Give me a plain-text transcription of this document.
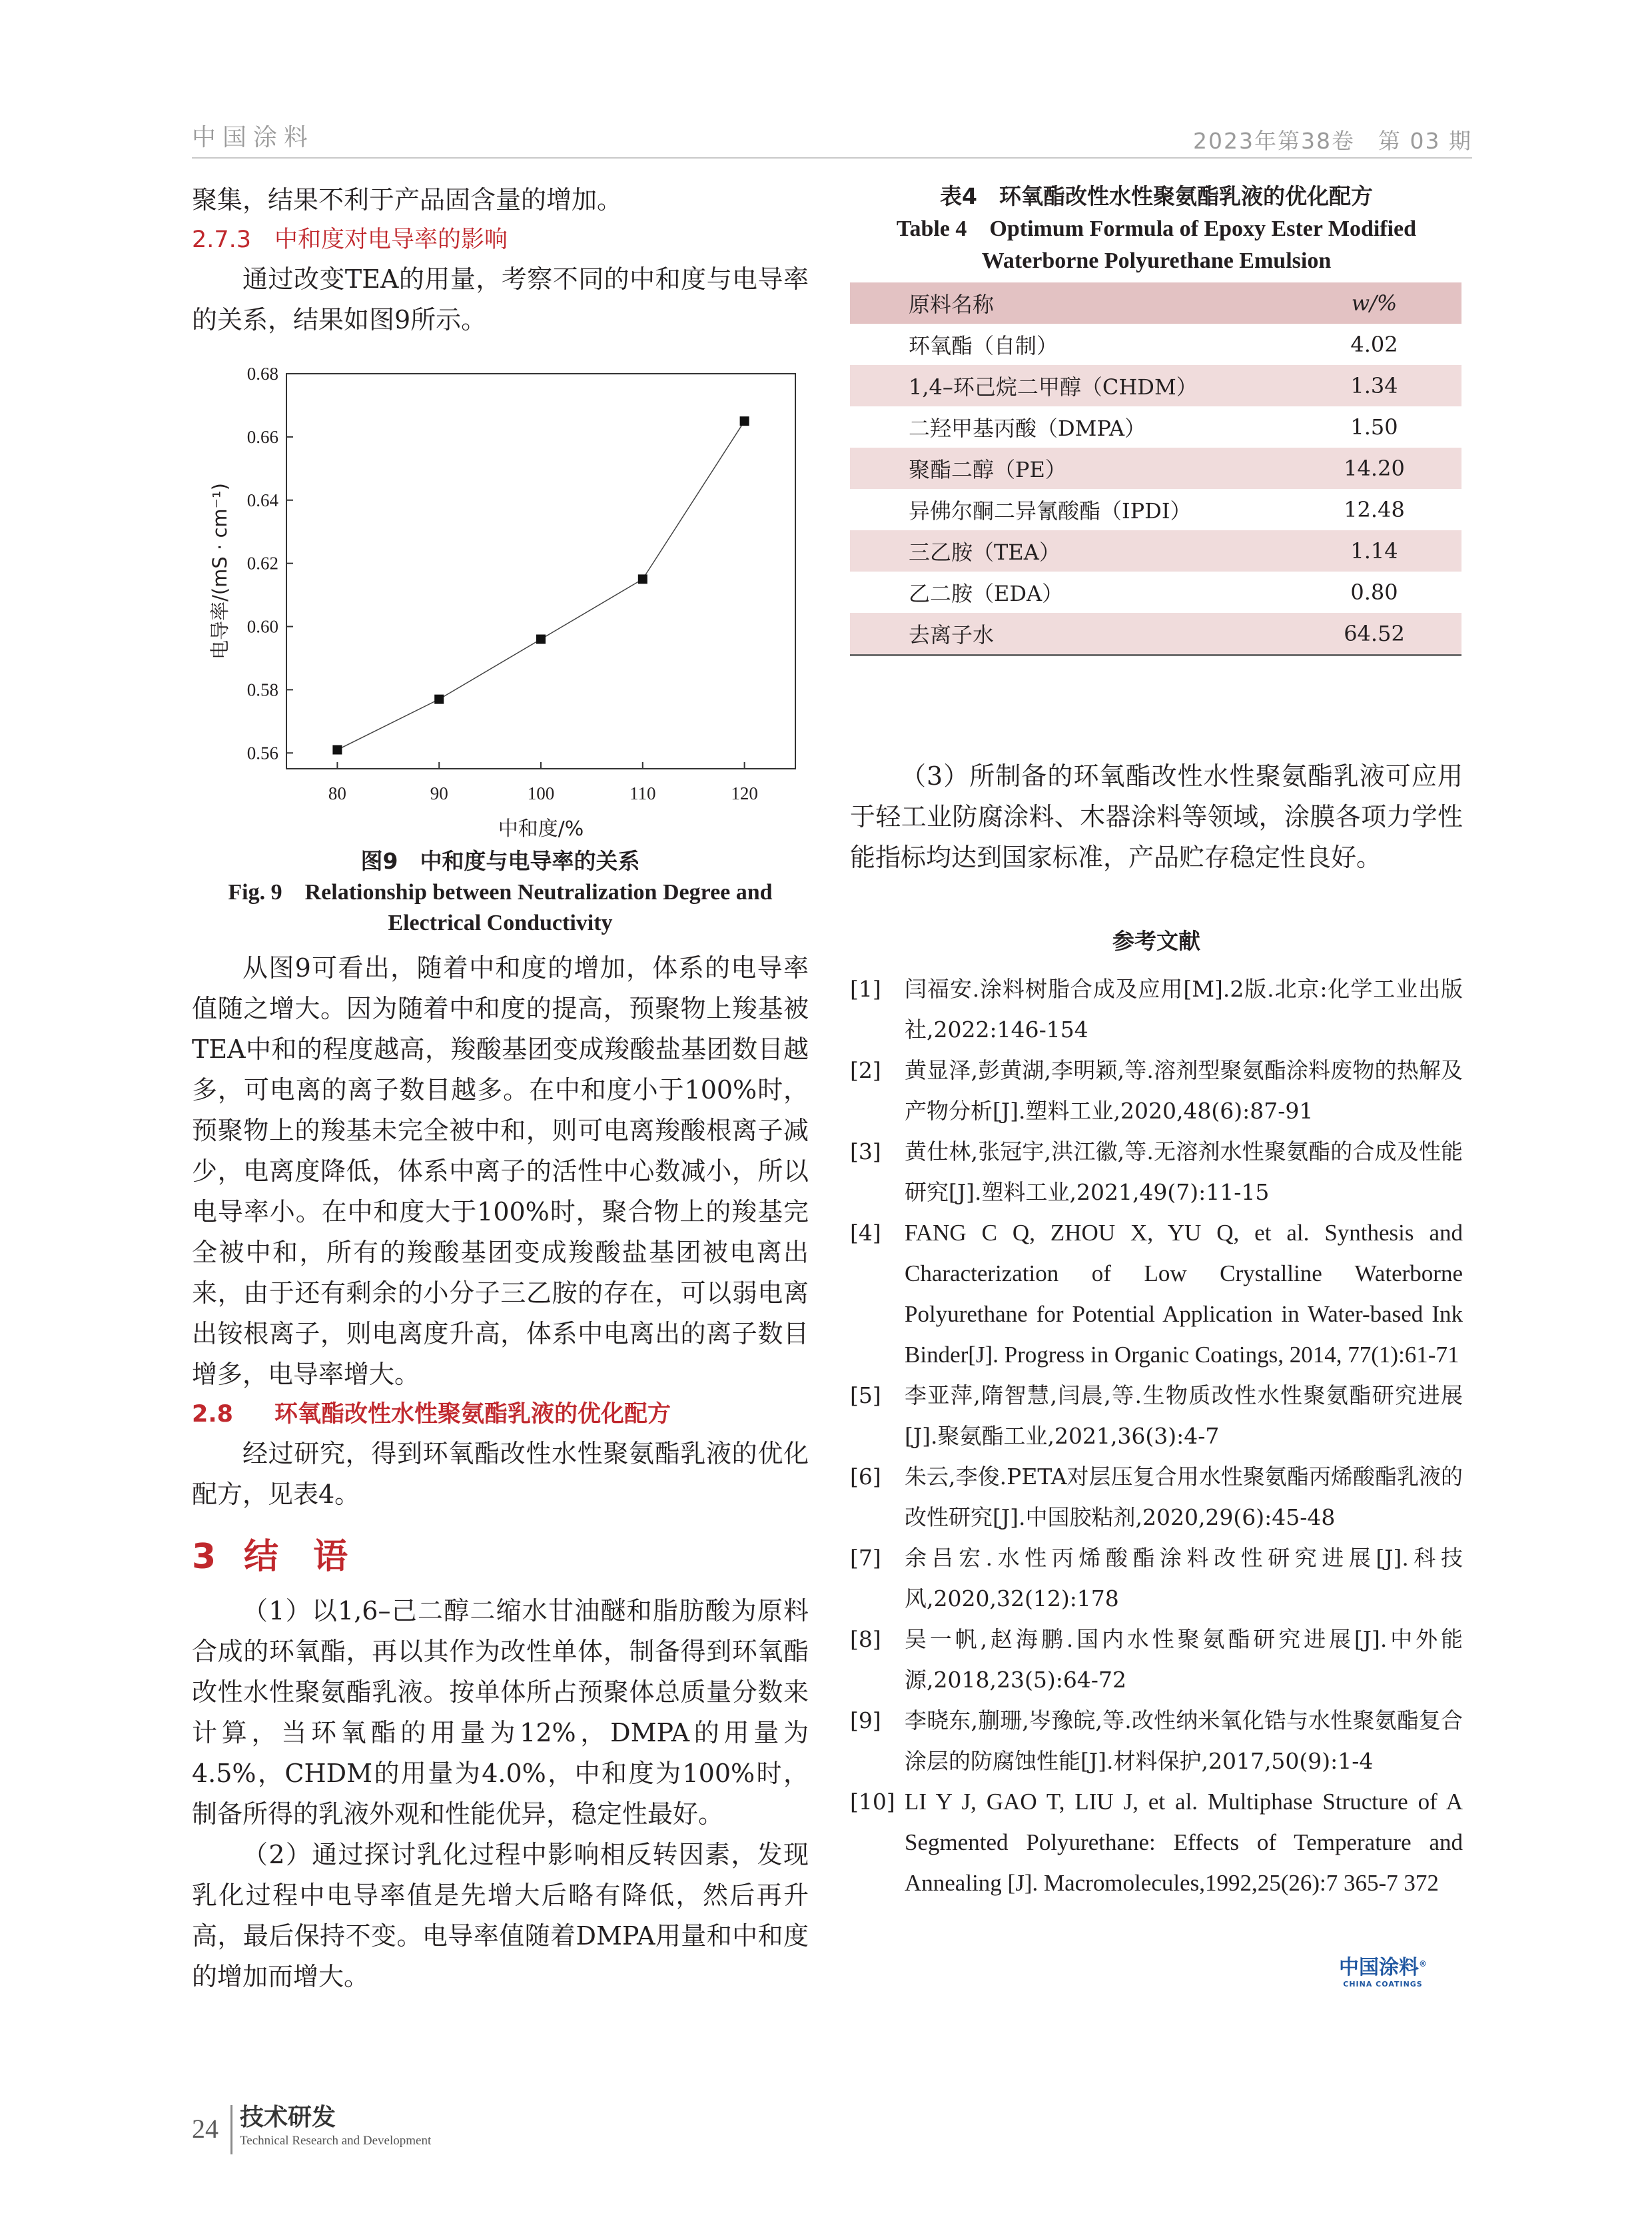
中国涂料	2023年第38卷　第 03 期

聚集，结果不利于产品固含量的增加。

2.7.3 中和度对电导率的影响

通过改变TEA的用量，考察不同的中和度与电导率的关系，结果如图9所示。

80	90	100	110	120
0.56
0.58
0.60
0.62
0.64
0.66
0.68
中和度/%
电导率/(mS · cm⁻¹)
图9　中和度与电导率的关系
Fig. 9　Relationship between Neutralization Degree and Electrical Conductivity

从图9可看出，随着中和度的增加，体系的电导率值随之增大。因为随着中和度的提高，预聚物上羧基被TEA中和的程度越高，羧酸基团变成羧酸盐基团数目越多，可电离的离子数目越多。在中和度小于100%时，预聚物上的羧基未完全被中和，则可电离羧酸根离子减少，电离度降低，体系中离子的活性中心数减小，所以电导率小。在中和度大于100%时，聚合物上的羧基完全被中和，所有的羧酸基团变成羧酸盐基团被电离出来，由于还有剩余的小分子三乙胺的存在，可以弱电离出铵根离子，则电离度升高，体系中电离出的离子数目增多，电导率增大。

2.8 环氧酯改性水性聚氨酯乳液的优化配方

经过研究，得到环氧酯改性水性聚氨酯乳液的优化配方，见表4。

3 结　语

（1）以1,6–己二醇二缩水甘油醚和脂肪酸为原料合成的环氧酯，再以其作为改性单体，制备得到环氧酯改性水性聚氨酯乳液。按单体所占预聚体总质量分数来计算，当环氧酯的用量为12%，DMPA的用量为4.5%，CHDM的用量为4.0%，中和度为100%时，制备所得的乳液外观和性能优异，稳定性最好。

（2）通过探讨乳化过程中影响相反转因素，发现乳化过程中电导率值是先增大后略有降低，然后再升高，最后保持不变。电导率值随着DMPA用量和中和度的增加而增大。

表4　环氧酯改性水性聚氨酯乳液的优化配方
Table 4　Optimum Formula of Epoxy Ester Modified
Waterborne Polyurethane Emulsion
原料名称	w/%
环氧酯（自制）	4.02
1,4–环己烷二甲醇（CHDM）	1.34
二羟甲基丙酸（DMPA）	1.50
聚酯二醇（PE）	14.20
异佛尔酮二异氰酸酯（IPDI）	12.48
三乙胺（TEA）	1.14
乙二胺（EDA）	0.80
去离子水	64.52

（3）所制备的环氧酯改性水性聚氨酯乳液可应用于轻工业防腐涂料、木器涂料等领域，涂膜各项力学性能指标均达到国家标准，产品贮存稳定性良好。

参考文献

[1] 闫福安.涂料树脂合成及应用[M].2版.北京:化学工业出版社,2022:146-154

[2] 黄显泽,彭黄湖,李明颖,等.溶剂型聚氨酯涂料废物的热解及产物分析[J].塑料工业,2020,48(6):87-91

[3] 黄仕林,张冠宇,洪江徽,等.无溶剂水性聚氨酯的合成及性能研究[J].塑料工业,2021,49(7):11-15

[4] FANG C Q, ZHOU X, YU Q, et al. Synthesis and Characterization of Low Crystalline Waterborne Polyurethane for Potential Application in Water-based Ink Binder[J]. Progress in Organic Coatings, 2014, 77(1):61-71

[5] 李亚萍,隋智慧,闫晨,等.生物质改性水性聚氨酯研究进展[J].聚氨酯工业,2021,36(3):4-7

[6] 朱云,李俊.PETA对层压复合用水性聚氨酯丙烯酸酯乳液的改性研究[J].中国胶粘剂,2020,29(6):45-48

[7] 余吕宏.水性丙烯酸酯涂料改性研究进展[J].科技风,2020,32(12):178

[8] 吴一帆,赵海鹏.国内水性聚氨酯研究进展[J].中外能源,2018,23(5):64-72

[9] 李晓东,蒯珊,岑豫皖,等.改性纳米氧化锆与水性聚氨酯复合涂层的防腐蚀性能[J].材料保护,2017,50(9):1-4

[10] LI Y J, GAO T, LIU J, et al. Multiphase Structure of A Segmented Polyurethane: Effects of Temperature and Annealing [J]. Macromolecules,1992,25(26):7 365-7 372

中国涂料®
CHINA COATINGS
24 技术研发
Technical Research and Development
